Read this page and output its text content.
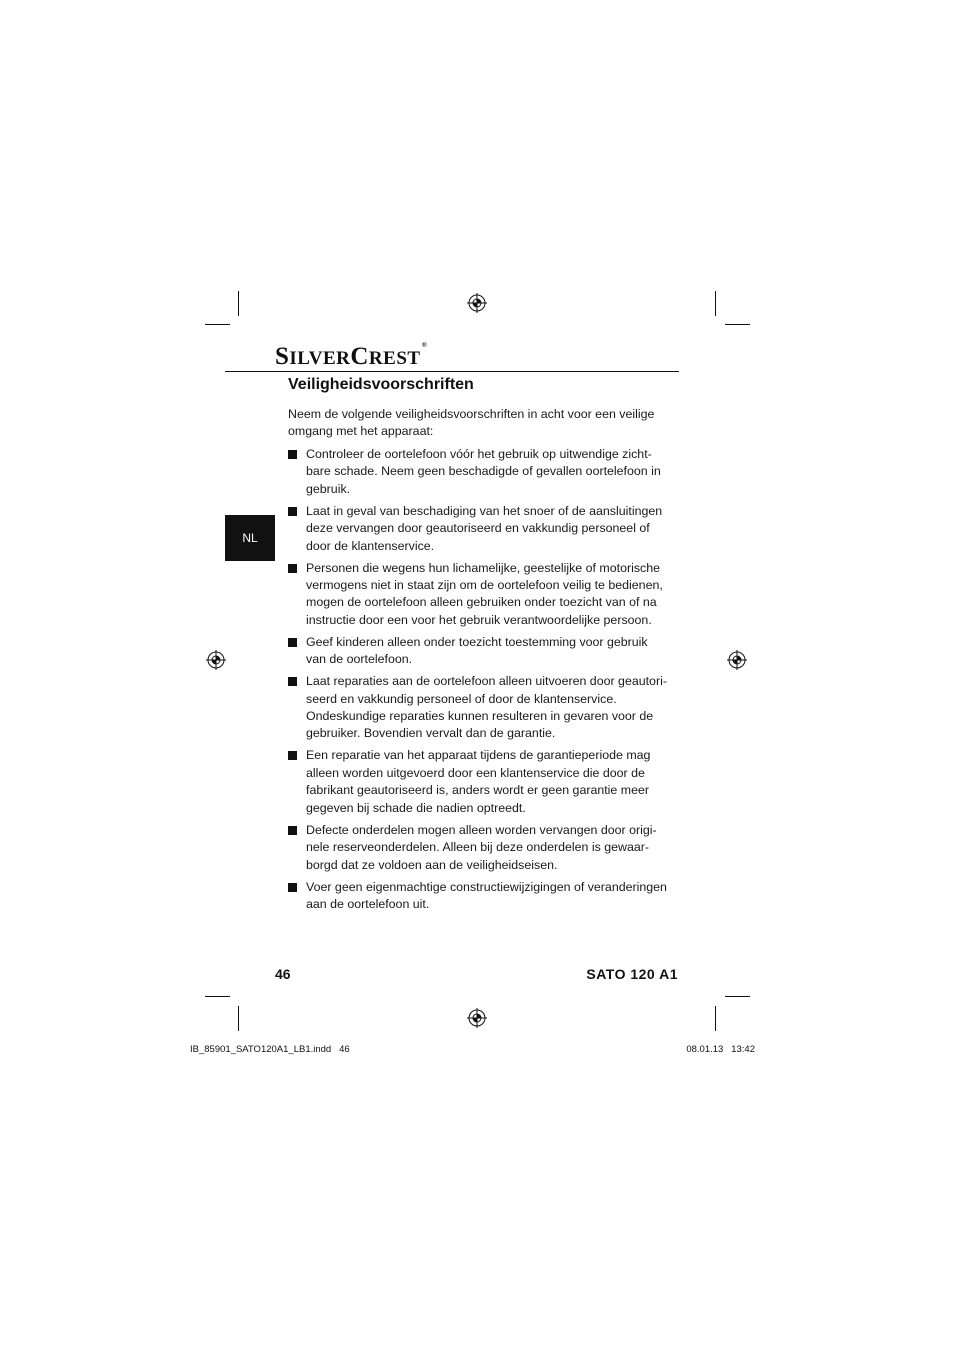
SILVERCREST®
Veiligheidsvoorschriften

Neem de volgende veiligheidsvoorschriften in acht voor een veilige omgang met het apparaat:

Controleer de oortelefoon vóór het gebruik op uitwendige zicht-bare schade. Neem geen beschadigde of gevallen oortelefoon in gebruik.
Laat in geval van beschadiging van het snoer of de aansluitingen deze vervangen door geautoriseerd en vakkundig personeel of door de klantenservice.
Personen die wegens hun lichamelijke, geestelijke of motorische vermogens niet in staat zijn om de oortelefoon veilig te bedienen, mogen de oortelefoon alleen gebruiken onder toezicht van of na instructie door een voor het gebruik verantwoordelijke persoon.
Geef kinderen alleen onder toezicht toestemming voor gebruik van de oortelefoon.
Laat reparaties aan de oortelefoon alleen uitvoeren door geautori-seerd en vakkundig personeel of door de klantenservice. Ondeskundige reparaties kunnen resulteren in gevaren voor de gebruiker. Bovendien vervalt dan de garantie.
Een reparatie van het apparaat tijdens de garantieperiode mag alleen worden uitgevoerd door een klantenservice die door de fabrikant geautoriseerd is, anders wordt er geen garantie meer gegeven bij schade die nadien optreedt.
Defecte onderdelen mogen alleen worden vervangen door origi-nele reserveonderdelen. Alleen bij deze onderdelen is gewaar-borgd dat ze voldoen aan de veiligheidseisen.
Voer geen eigenmachtige constructiewijzigingen of veranderingen aan de oortelefoon uit.
NL
46	SATO 120 A1
IB_85901_SATO120A1_LB1.indd   46	08.01.13   13:42
